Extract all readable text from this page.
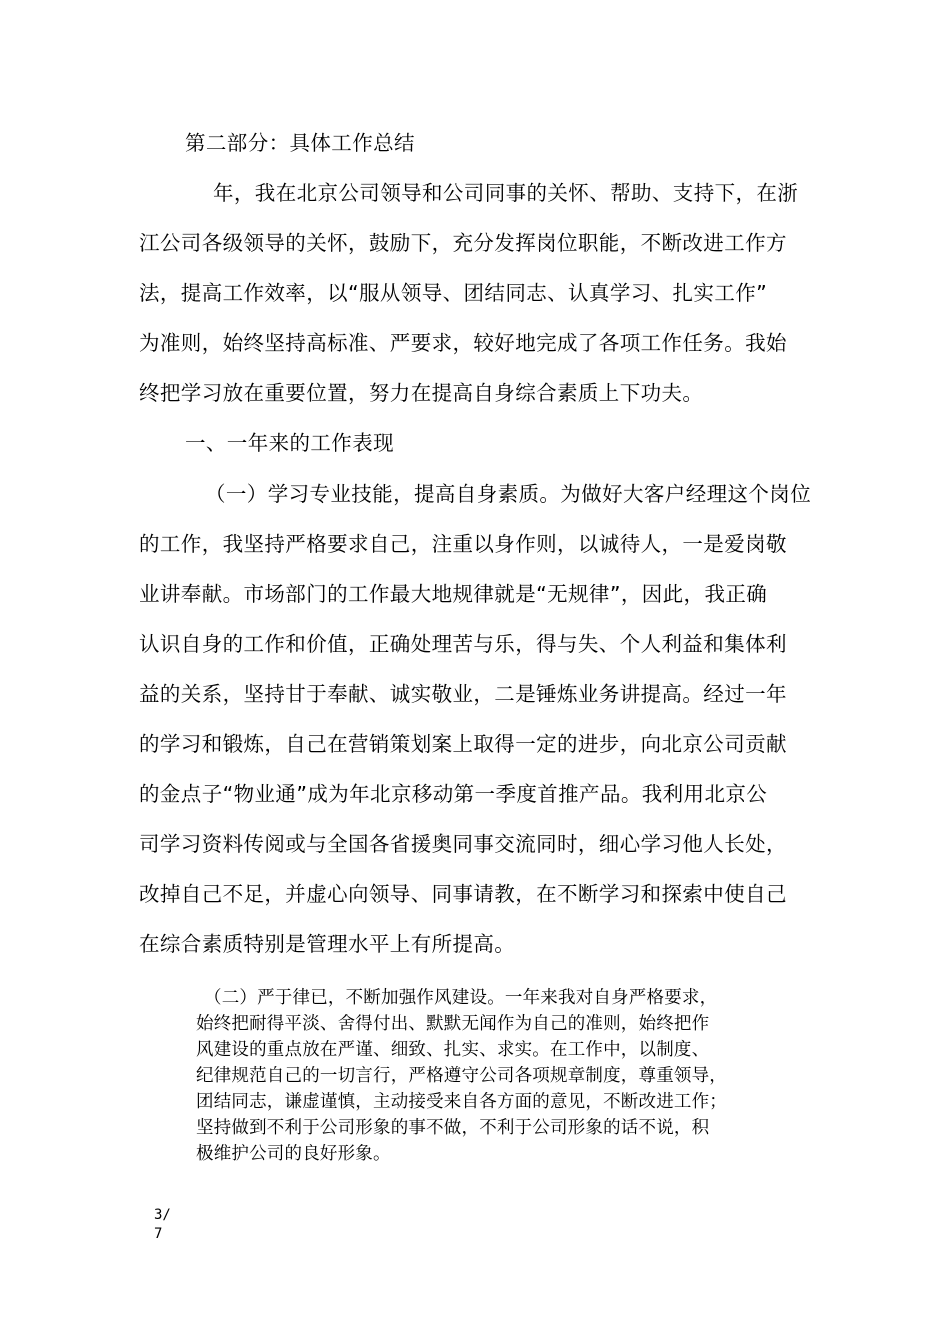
第二部分：具体工作总结
年，我在北京公司领导和公司同事的关怀、帮助、支持下，在浙
江公司各级领导的关怀，鼓励下，充分发挥岗位职能，不断改进工作方
法，提高工作效率，以“服从领导、团结同志、认真学习、扎实工作”
为准则，始终坚持高标准、严要求，较好地完成了各项工作任务。我始
终把学习放在重要位置，努力在提高自身综合素质上下功夫。
一、一年来的工作表现
（一）学习专业技能，提高自身素质。为做好大客户经理这个岗位
的工作，我坚持严格要求自己，注重以身作则，以诚待人，一是爱岗敬
业讲奉献。市场部门的工作最大地规律就是“无规律”，因此，我正确
认识自身的工作和价值，正确处理苦与乐，得与失、个人利益和集体利
益的关系，坚持甘于奉献、诚实敬业，二是锤炼业务讲提高。经过一年
的学习和锻炼，自己在营销策划案上取得一定的进步，向北京公司贡献
的金点子“物业通”成为年北京移动第一季度首推产品。我利用北京公
司学习资料传阅或与全国各省援奥同事交流同时，细心学习他人长处，
改掉自己不足，并虚心向领导、同事请教，在不断学习和探索中使自己
在综合素质特别是管理水平上有所提高。
（二）严于律已，不断加强作风建设。一年来我对自身严格要求，
始终把耐得平淡、舍得付出、默默无闻作为自己的准则，始终把作
风建设的重点放在严谨、细致、扎实、求实。在工作中，以制度、
纪律规范自己的一切言行，严格遵守公司各项规章制度，尊重领导，
团结同志，谦虚谨慎，主动接受来自各方面的意见，不断改进工作；
坚持做到不利于公司形象的事不做，不利于公司形象的话不说，积
极维护公司的良好形象。
3/
7
